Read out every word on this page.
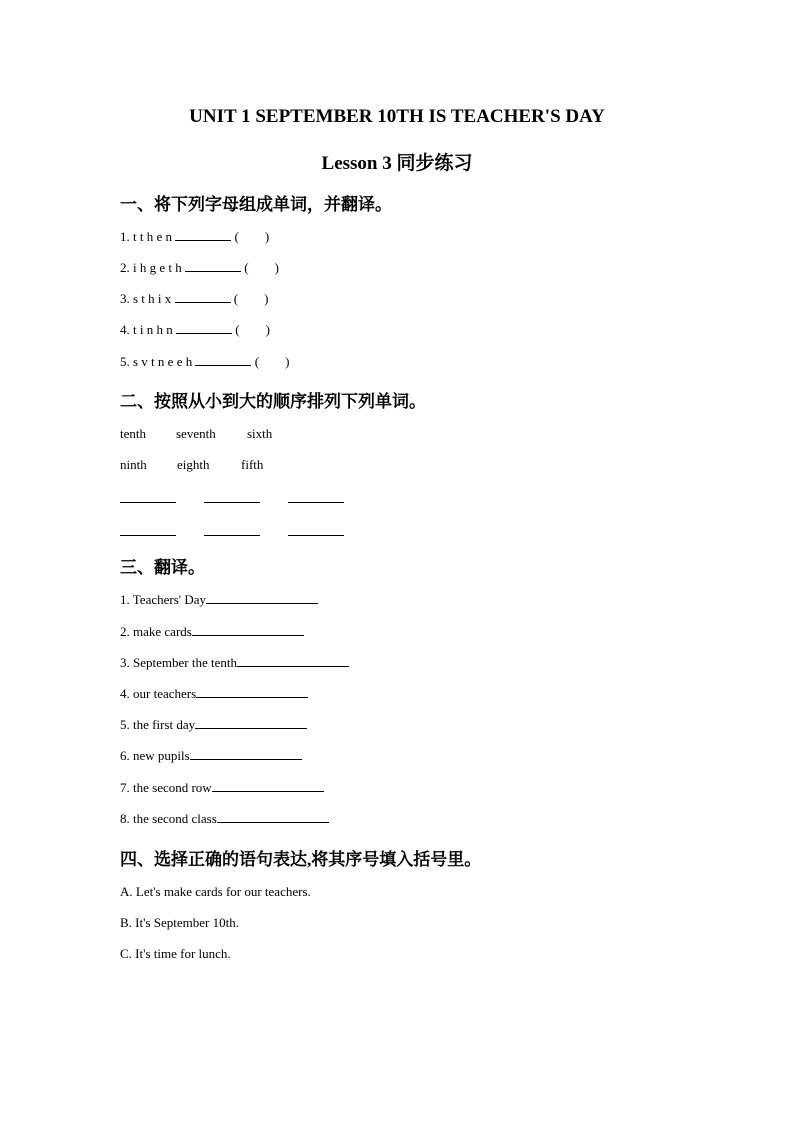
UNIT 1 SEPTEMBER 10TH IS TEACHER'S DAY
Lesson 3 同步练习
一、将下列字母组成单词，并翻译。
1. t t h e n	( )
2. i h g e t h	( )
3. s t h i x	( )
4. t i n h n	( )
5. s v t n e e h	( )
二、按照从小到大的顺序排列下列单词。
tenth seventh sixth
ninth eighth fifth
三、翻译。
1. Teachers' Day
2. make cards
3. September the tenth
4. our teachers
5. the first day
6. new pupils
7. the second row
8. the second class
四、选择正确的语句表达,将其序号填入括号里。
A. Let's make cards for our teachers.
B. It's September 10th.
C. It's time for lunch.
